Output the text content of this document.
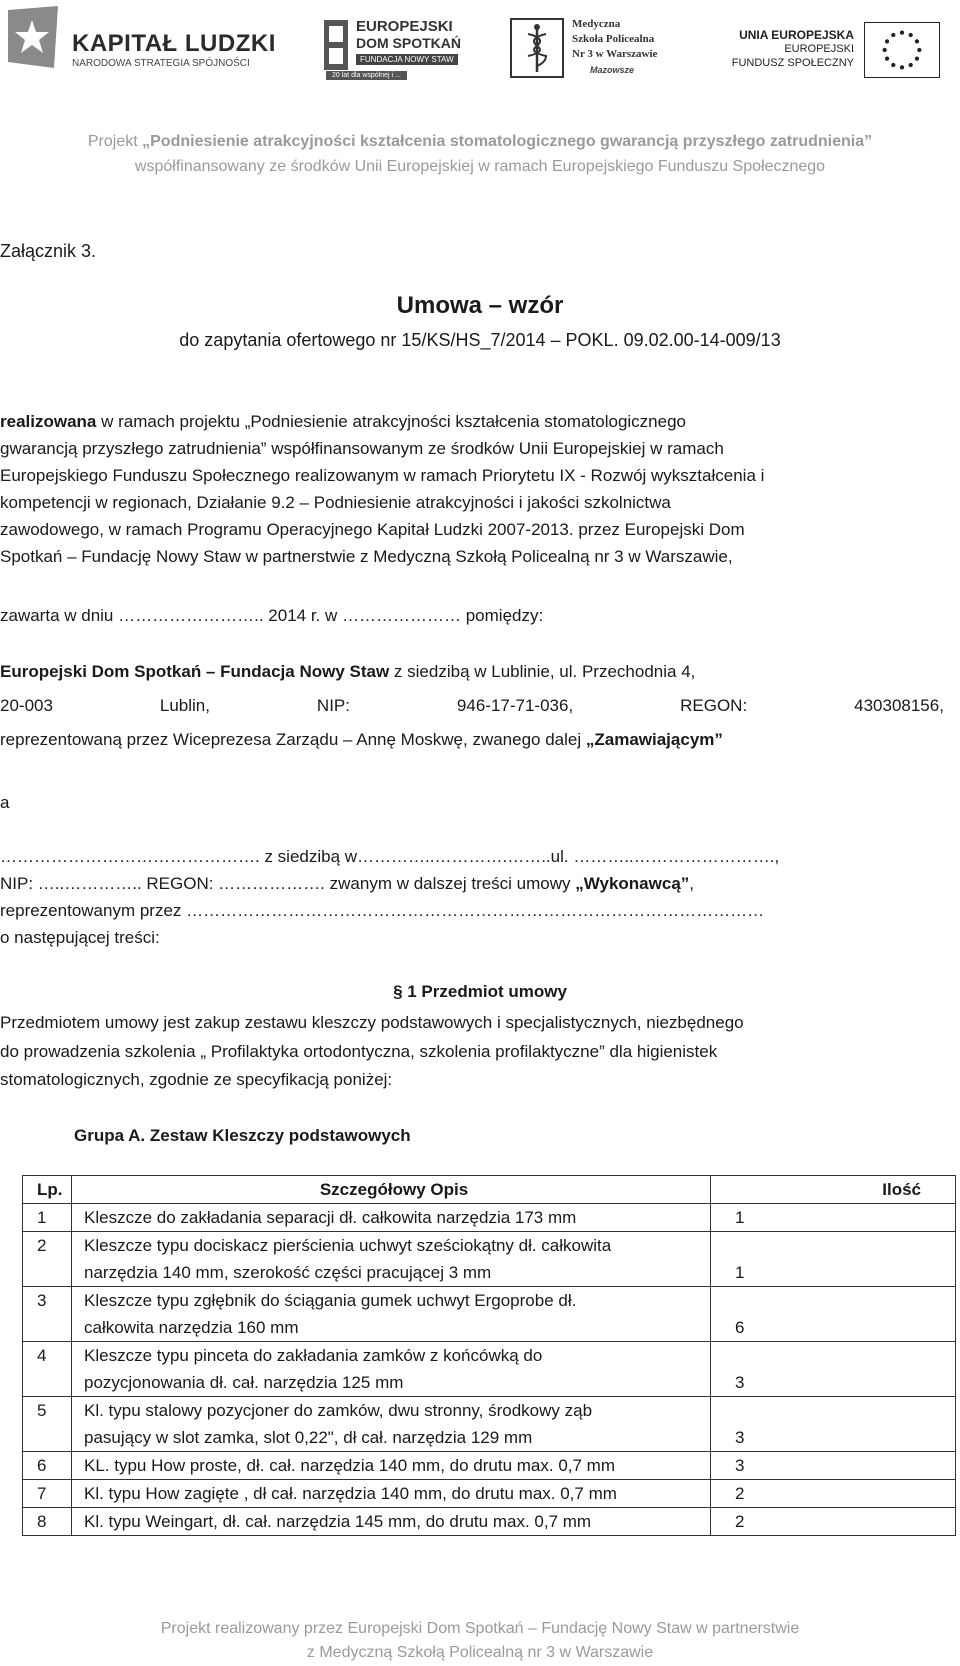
KAPITAŁ LUDZKI
NARODOWA STRATEGIA SPÓJNOŚCI
EUROPEJSKI
DOM SPOTKAŃ
FUNDACJA NOWY STAW
20 lat dla wspólnej i ...
Medyczna
Szkoła Policealna
Nr 3 w Warszawie
Mazowsze
UNIA EUROPEJSKA
EUROPEJSKI
FUNDUSZ SPOŁECZNY
Projekt „Podniesienie atrakcyjności kształcenia stomatologicznego gwarancją przyszłego zatrudnienia”
współfinansowany ze środków Unii Europejskiej w ramach Europejskiego Funduszu Społecznego
Załącznik 3.
Umowa – wzór
do zapytania ofertowego nr 15/KS/HS_7/2014 – POKL. 09.02.00-14-009/13
realizowana w ramach projektu „Podniesienie atrakcyjności kształcenia stomatologicznego
gwarancją przyszłego zatrudnienia” współfinansowanym ze środków Unii Europejskiej w ramach
Europejskiego Funduszu Społecznego realizowanym w ramach Priorytetu IX - Rozwój wykształcenia i
kompetencji w regionach, Działanie 9.2 – Podniesienie atrakcyjności i jakości szkolnictwa
zawodowego, w ramach Programu Operacyjnego Kapitał Ludzki 2007-2013. przez Europejski Dom
Spotkań – Fundację Nowy Staw w partnerstwie z Medyczną Szkołą Policealną nr 3 w Warszawie,
zawarta w dniu …………………….. 2014 r. w ………………… pomiędzy:
Europejski Dom Spotkań – Fundacja Nowy Staw z siedzibą w Lublinie, ul. Przechodnia 4,
20-003	Lublin,	NIP:	946-17-71-036,	REGON:	430308156,
reprezentowaną przez Wiceprezesa Zarządu – Annę Moskwę, zwanego dalej „Zamawiającym”
a
………………………………………. z siedzibą w…………..………….……..ul. ………..…………………….,
NIP: …..………….. REGON: ………………. zwanym w dalszej treści umowy „Wykonawcą”,
reprezentowanym przez …………………………………………………………………………………………
o następującej treści:
§ 1 Przedmiot umowy
Przedmiotem umowy jest zakup zestawu kleszczy podstawowych i specjalistycznych, niezbędnego
do prowadzenia szkolenia „ Profilaktyka ortodontyczna, szkolenia profilaktyczne” dla higienistek
stomatologicznych, zgodnie ze specyfikacją poniżej:
Grupa A. Zestaw Kleszczy podstawowych
Lp.	Szczegółowy Opis	Ilość
1	Kleszcze do zakładania separacji dł. całkowita narzędzia 173 mm	1
2	Kleszcze typu dociskacz pierścienia uchwyt sześciokątny dł. całkowita
narzędzia 140 mm, szerokość części pracującej 3 mm	1
3	Kleszcze typu zgłębnik do ściągania gumek uchwyt Ergoprobe dł.
całkowita narzędzia 160 mm	6
4	Kleszcze typu pinceta do zakładania zamków z końcówką do
pozycjonowania dł. cał. narzędzia 125 mm	3
5	Kl. typu stalowy pozycjoner do zamków, dwu stronny, środkowy ząb
pasujący w slot zamka, slot 0,22", dł cał. narzędzia 129 mm	3
6	KL. typu How proste, dł. cał. narzędzia 140 mm, do drutu max. 0,7 mm	3
7	Kl. typu How zagięte , dł cał. narzędzia 140 mm, do drutu max. 0,7 mm	2
8	Kl. typu Weingart, dł. cał. narzędzia 145 mm, do drutu max. 0,7 mm	2
Projekt realizowany przez Europejski Dom Spotkań – Fundację Nowy Staw w partnerstwie
z Medyczną Szkołą Policealną nr 3 w Warszawie
